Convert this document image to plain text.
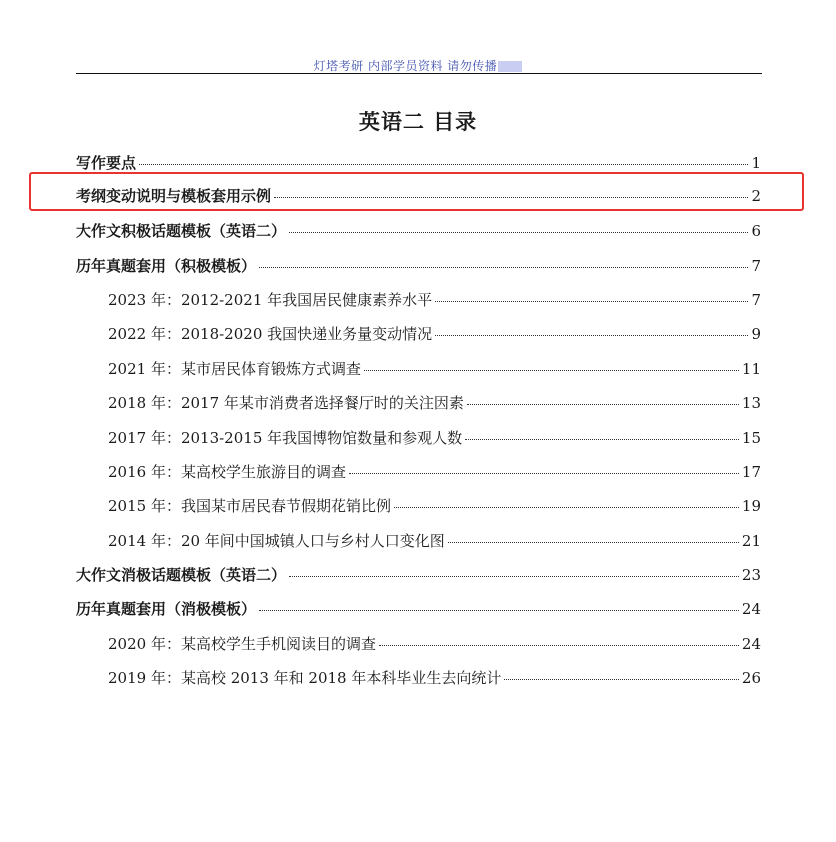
灯塔考研 内部学员资料 请勿传播
英语二 目录
写作要点	1
考纲变动说明与模板套用示例	2
大作文积极话题模板（英语二）	6
历年真题套用（积极模板）	7
2023 年：2012-2021 年我国居民健康素养水平	7
2022 年：2018-2020 我国快递业务量变动情况	9
2021 年：某市居民体育锻炼方式调查	11
2018 年：2017 年某市消费者选择餐厅时的关注因素	13
2017 年：2013-2015 年我国博物馆数量和参观人数	15
2016 年：某高校学生旅游目的调查	17
2015 年：我国某市居民春节假期花销比例	19
2014 年：20 年间中国城镇人口与乡村人口变化图	21
大作文消极话题模板（英语二）	23
历年真题套用（消极模板）	24
2020 年：某高校学生手机阅读目的调查	24
2019 年：某高校 2013 年和 2018 年本科毕业生去向统计	26
